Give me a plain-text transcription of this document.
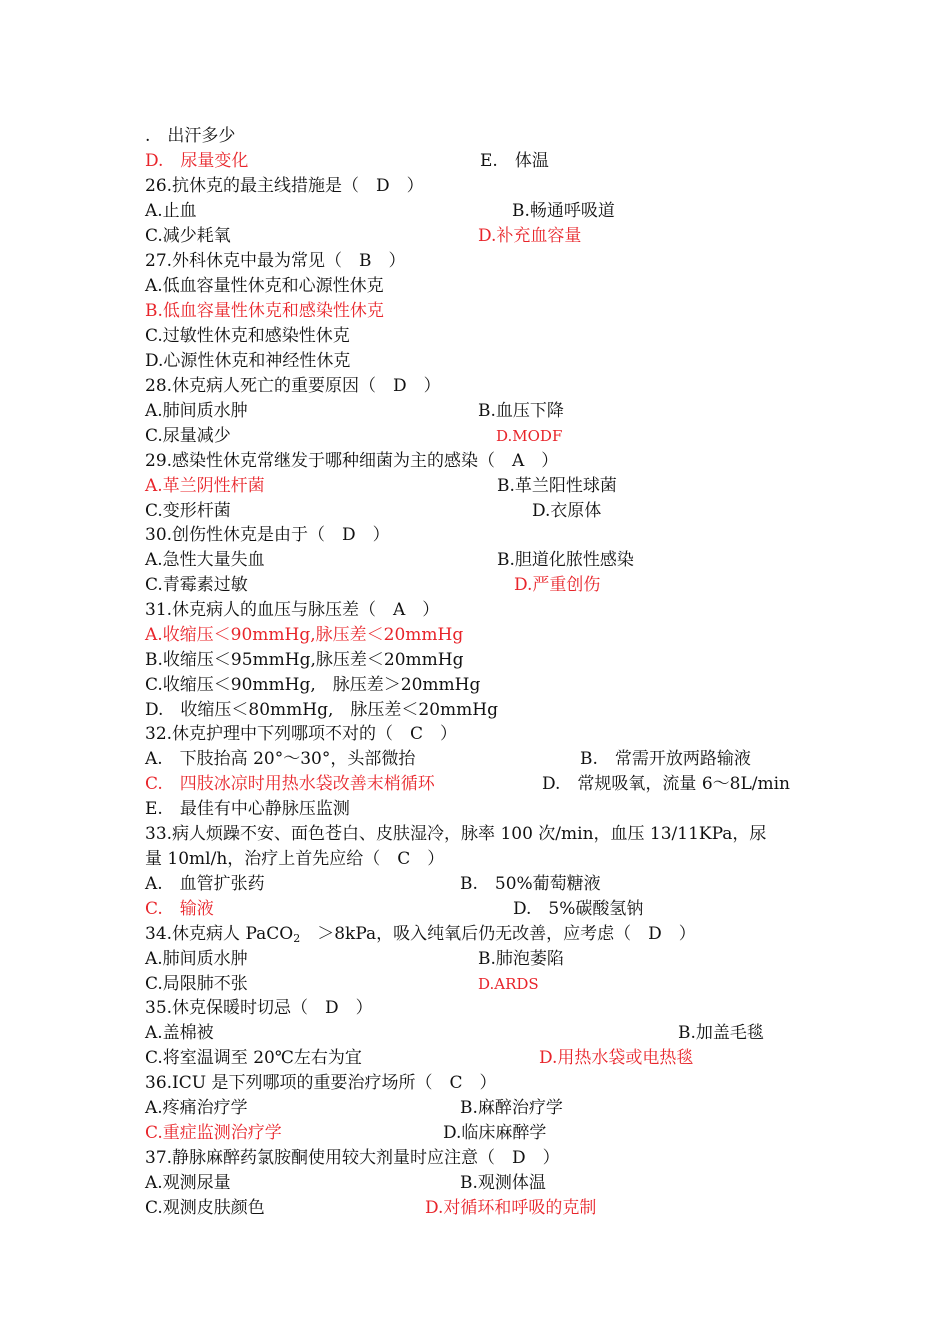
.　出汗多少
D.　尿量变化	E.　体温
26.抗休克的最主线措施是（　D　）
A.止血	B.畅通呼吸道
C.减少耗氧	D.补充血容量
27.外科休克中最为常见（　B　）
A.低血容量性休克和心源性休克
B.低血容量性休克和感染性休克
C.过敏性休克和感染性休克
D.心源性休克和神经性休克
28.休克病人死亡的重要原因（　D　）
A.肺间质水肿	B.血压下降
C.尿量减少	D.MODF
29.感染性休克常继发于哪种细菌为主的感染（　A　）
A.革兰阴性杆菌	B.革兰阳性球菌
C.变形杆菌	D.衣原体
30.创伤性休克是由于（　D　）
A.急性大量失血	B.胆道化脓性感染
C.青霉素过敏	D.严重创伤
31.休克病人的血压与脉压差（　A　）
A.收缩压＜90mmHg,脉压差＜20mmHg
B.收缩压＜95mmHg,脉压差＜20mmHg
C.收缩压＜90mmHg,　脉压差＞20mmHg
D.　收缩压＜80mmHg,　脉压差＜20mmHg
32.休克护理中下列哪项不对的（　C　）
A.　下肢抬高 20°～30°，头部微抬	B.　常需开放两路输液
C.　四肢冰凉时用热水袋改善末梢循环	D.　常规吸氧，流量 6～8L/min
E.　最佳有中心静脉压监测
33.病人烦躁不安、面色苍白、皮肤湿冷，脉率 100 次/min，血压 13/11KPa，尿
量 10ml/h，治疗上首先应给（　C　）
A.　血管扩张药	B.　50%葡萄糖液
C.　输液	D.　5%碳酸氢钠
34.休克病人 PaCO$_2$　＞8kPa，吸入纯氧后仍无改善，应考虑（　D　）
A.肺间质水肿	B.肺泡萎陷
C.局限肺不张	D.ARDS
35.休克保暖时切忌（　D　）
A.盖棉被	B.加盖毛毯
C.将室温调至 20℃左右为宜	D.用热水袋或电热毯
36.ICU 是下列哪项的重要治疗场所（　C　）
A.疼痛治疗学	B.麻醉治疗学
C.重症监测治疗学	D.临床麻醉学
37.静脉麻醉药氯胺酮使用较大剂量时应注意（　D　）
A.观测尿量	B.观测体温
C.观测皮肤颜色	D.对循环和呼吸的克制
